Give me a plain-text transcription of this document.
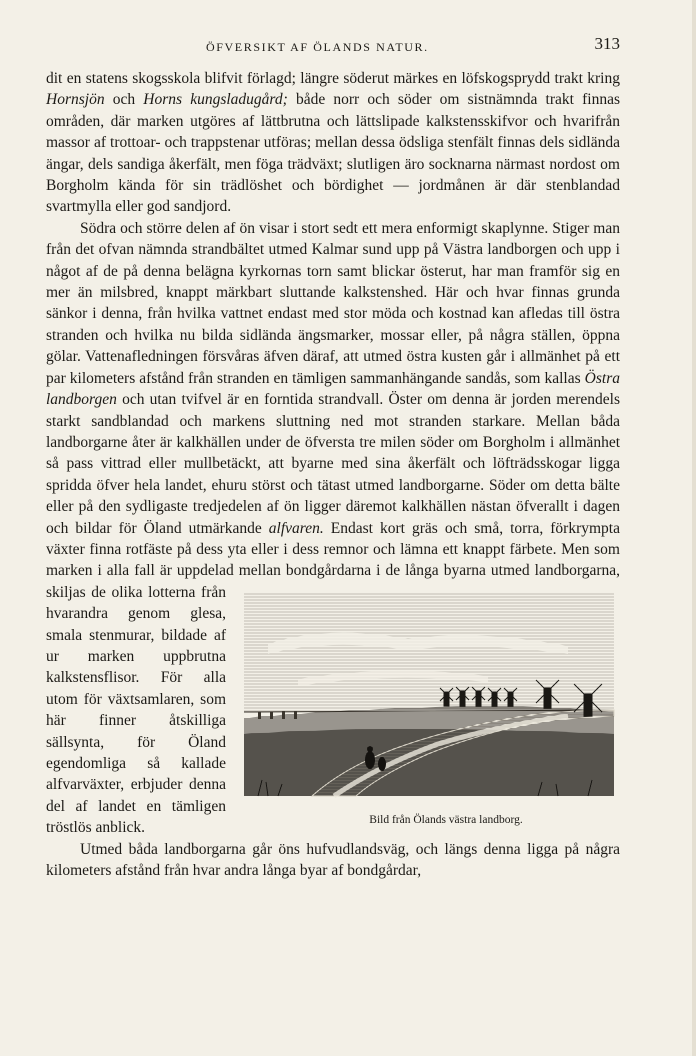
ÖFVERSIKT AF ÖLANDS NATUR.	313

dit en statens skogsskola blifvit förlagd; längre söderut märkes en löfskogsprydd trakt kring Hornsjön och Horns kungsladugård; både norr och söder om sistnämnda trakt finnas områden, där marken utgöres af lättbrutna och lättslipade kalkstensskifvor och hvarifrån massor af trottoar- och trappstenar utföras; mellan dessa ödsliga stenfält finnas dels sidlända ängar, dels sandiga åkerfält, men föga trädväxt; slutligen äro socknarna närmast nordost om Borgholm kända för sin trädlöshet och bördighet — jordmånen är där stenblandad svartmylla eller god sandjord.

Södra och större delen af ön visar i stort sedt ett mera enformigt skaplynne. Stiger man från det ofvan nämnda strandbältet utmed Kalmar sund upp på Västra landborgen och upp i något af de på denna belägna kyrkornas torn samt blickar österut, har man framför sig en mer än milsbred, knappt märkbart sluttande kalkstenshed. Här och hvar finnas grunda sänkor i denna, från hvilka vattnet endast med stor möda och kostnad kan afledas till östra stranden och hvilka nu bilda sidlända ängsmarker, mossar eller, på några ställen, öppna gölar. Vattenafledningen försvåras äfven däraf, att utmed östra kusten går i allmänhet på ett par kilometers afstånd från stranden en tämligen sammanhängande sandås, som kallas Östra landborgen och utan tvifvel är en forntida strandvall. Öster om denna är jorden merendels starkt sandblandad och markens sluttning ned mot stranden starkare. Mellan båda landborgarne åter är kalkhällen under de öfversta tre milen söder om Borgholm i allmänhet så pass vittrad eller mullbetäckt, att byarne med sina åkerfält och löfträdsskogar ligga spridda öfver hela landet, ehuru störst och tätast utmed landborgarne. Söder om detta bälte eller på den sydligaste tredjedelen af ön ligger däremot kalkhällen nästan öfverallt i dagen och bildar för Öland utmärkande alfvaren. Endast kort gräs och små, torra, förkrympta växter finna rotfäste på dess yta eller i dess remnor och lämna ett knappt färbete. Men som marken i alla fall är uppdelad mellan bondgårdarna i de
Bild från Ölands västra landborg.
långa byarna utmed landborgarna, skiljas de olika lotterna från hvarandra genom glesa, smala stenmurar, bildade af ur marken uppbrutna kalkstensflisor. För alla utom för växtsamlaren, som här finner åtskilliga sällsynta, för Öland egendomliga så kallade alfvarväxter, erbjuder denna del af landet en tämligen tröstlös anblick.

Utmed båda landborgarna går öns hufvudlandsväg, och längs denna ligga på några kilometers afstånd från hvar andra långa byar af bondgårdar,
